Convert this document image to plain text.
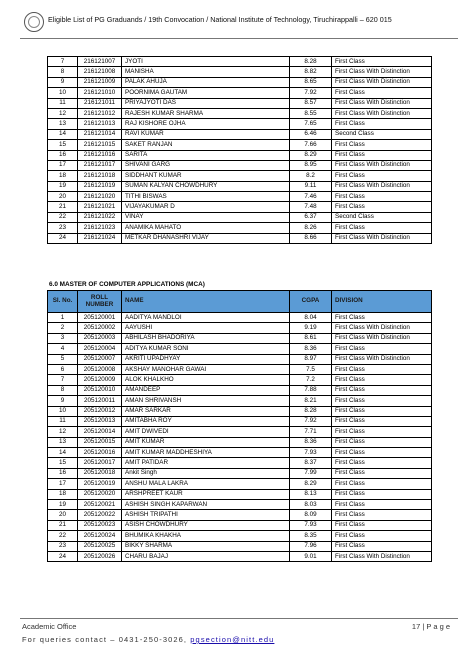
Eligible List of PG Graduands / 19th Convocation / National Institute of Technology, Tiruchirappalli – 620 015
7	216121007	JYOTI	8.28	First Class
8	216121008	MANISHA	8.82	First Class With Distinction
9	216121009	PALAK AHUJA	8.65	First Class With Distinction
10	216121010	POORNIMA GAUTAM	7.92	First Class
11	216121011	PRIYAJYOTI DAS	8.57	First Class With Distinction
12	216121012	RAJESH KUMAR SHARMA	8.55	First Class With Distinction
13	216121013	RAJ KISHORE OJHA	7.65	First Class
14	216121014	RAVI KUMAR	6.46	Second Class
15	216121015	SAKET RANJAN	7.66	First Class
16	216121016	SARITA	8.29	First Class
17	216121017	SHIVANI GARG	8.95	First Class With Distinction
18	216121018	SIDDHANT KUMAR	8.2	First Class
19	216121019	SUMAN KALYAN CHOWDHURY	9.11	First Class With Distinction
20	216121020	TITHI BISWAS	7.46	First Class
21	216121021	VIJAYAKUMAR D	7.48	First Class
22	216121022	VINAY	6.37	Second Class
23	216121023	ANAMIKA MAHATO	8.26	First Class
24	216121024	METKAR DHANASHRI VIJAY	8.66	First Class With Distinction
6.0 MASTER OF COMPUTER APPLICATIONS (MCA)
Sl. No.	ROLL NUMBER	NAME	CGPA	DIVISION
1	205120001	AADITYA MANDLOI	8.04	First Class
2	205120002	AAYUSHI	9.19	First Class With Distinction
3	205120003	ABHILASH BHADORIYA	8.61	First Class With Distinction
4	205120004	ADITYA KUMAR SONI	8.36	First Class
5	205120007	AKRITI UPADHYAY	8.97	First Class With Distinction
6	205120008	AKSHAY MANOHAR GAWAI	7.5	First Class
7	205120009	ALOK KHALKHO	7.2	First Class
8	205120010	AMANDEEP	7.88	First Class
9	205120011	AMAN SHRIVANSH	8.21	First Class
10	205120012	AMAR SARKAR	8.28	First Class
11	205120013	AMITABHA ROY	7.92	First Class
12	205120014	AMIT DWIVEDI	7.71	First Class
13	205120015	AMIT KUMAR	8.36	First Class
14	205120016	AMIT KUMAR MADDHESHIYA	7.93	First Class
15	205120017	AMIT PATIDAR	8.37	First Class
16	205120018	Ankit Singh	7.99	First Class
17	205120019	ANSHU MALA LAKRA	8.29	First Class
18	205120020	ARSHPREET KAUR	8.13	First Class
19	205120021	ASHISH SINGH KAPARWAN	8.03	First Class
20	205120022	ASHISH TRIPATHI	8.09	First Class
21	205120023	ASISH CHOWDHURY	7.93	First Class
22	205120024	BHUMIKA KHAKHA	8.35	First Class
23	205120025	BIKKY SHARMA	7.96	First Class
24	205120026	CHARU BAJAJ	9.01	First Class With Distinction
Academic Office	17 | P a g e
For queries contact – 0431-250-3026, pgsection@nitt.edu
